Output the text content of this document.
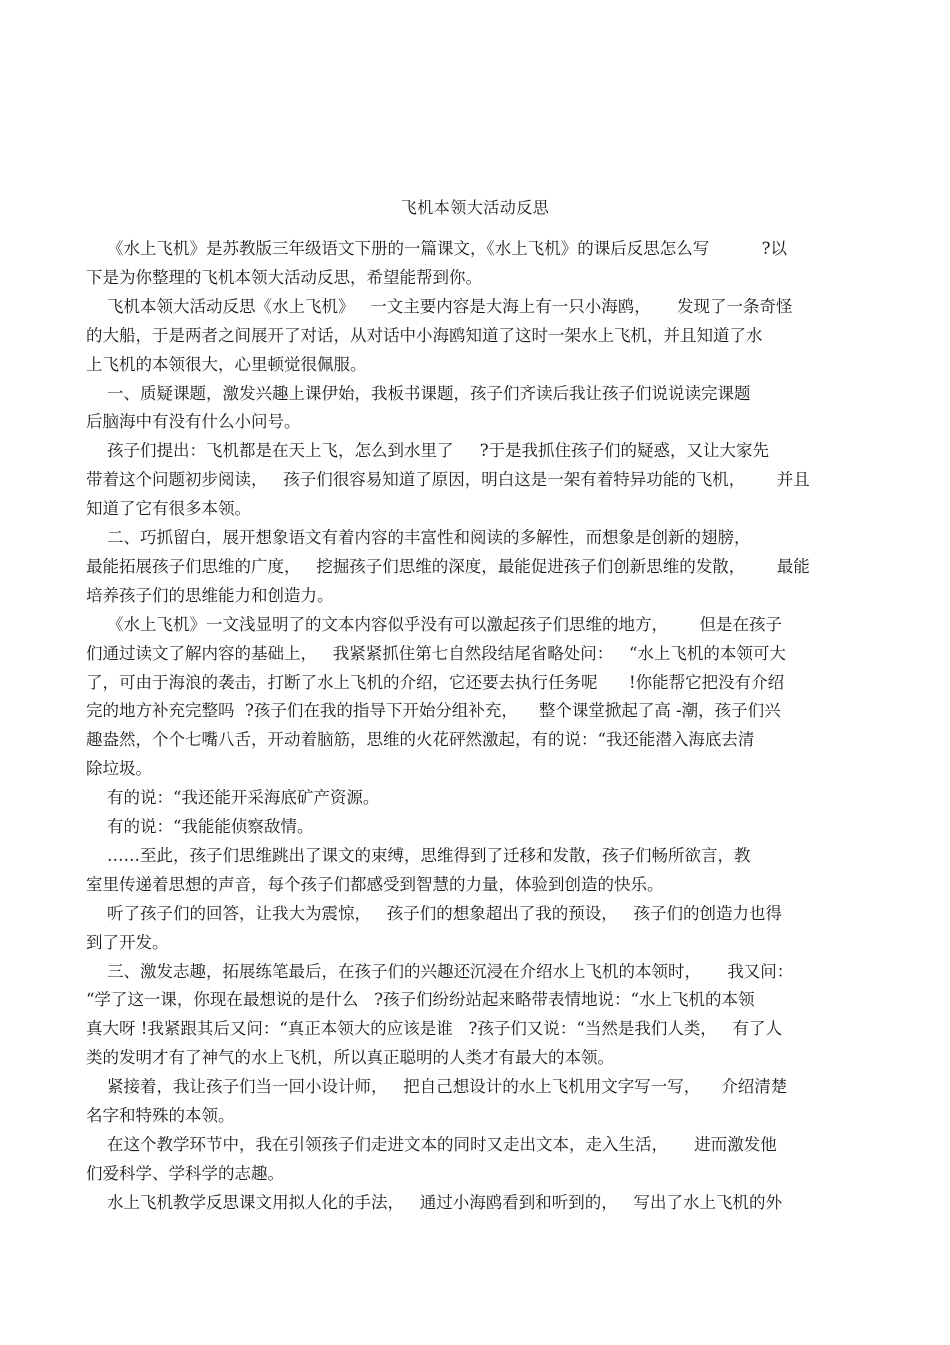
飞机本领大活动反思
《水上飞机》是苏教版三年级语文下册的一篇课文，《水上飞机》的课后反思怎么写          ?以
下是为你整理的飞机本领大活动反思，希望能帮到你。
飞机本领大活动反思《水上飞机》   一文主要内容是大海上有一只小海鸥，     发现了一条奇怪
的大船，于是两者之间展开了对话，从对话中小海鸥知道了这时一架水上飞机，并且知道了水
上飞机的本领很大，心里顿觉很佩服。
一、质疑课题，激发兴趣上课伊始，我板书课题，孩子们齐读后我让孩子们说说读完课题
后脑海中有没有什么小问号。
孩子们提出：飞机都是在天上飞，怎么到水里了     ?于是我抓住孩子们的疑惑，又让大家先
带着这个问题初步阅读，   孩子们很容易知道了原因，明白这是一架有着特异功能的飞机，      并且
知道了它有很多本领。
二、巧抓留白，展开想象语文有着内容的丰富性和阅读的多解性，而想象是创新的翅膀，
最能拓展孩子们思维的广度，   挖掘孩子们思维的深度，最能促进孩子们创新思维的发散，      最能
培养孩子们的思维能力和创造力。
《水上飞机》一文浅显明了的文本内容似乎没有可以激起孩子们思维的地方，      但是在孩子
们通过读文了解内容的基础上，   我紧紧抓住第七自然段结尾省略处问：   “水上飞机的本领可大
了，可由于海浪的袭击，打断了水上飞机的介绍，它还要去执行任务呢      !你能帮它把没有介绍
完的地方补充完整吗  ?孩子们在我的指导下开始分组补充，    整个课堂掀起了高 -潮，孩子们兴
趣盎然，个个七嘴八舌，开动着脑筋，思维的火花砰然激起，有的说：“我还能潜入海底去清
除垃圾。
有的说：“我还能开采海底矿产资源。
有的说：“我能能侦察敌情。
……至此，孩子们思维跳出了课文的束缚，思维得到了迁移和发散，孩子们畅所欲言，教
室里传递着思想的声音，每个孩子们都感受到智慧的力量，体验到创造的快乐。
听了孩子们的回答，让我大为震惊，   孩子们的想象超出了我的预设，   孩子们的创造力也得
到了开发。
三、激发志趣，拓展练笔最后，在孩子们的兴趣还沉浸在介绍水上飞机的本领时，     我又问：
“学了这一课，你现在最想说的是什么   ?孩子们纷纷站起来略带表情地说：“水上飞机的本领
真大呀 !我紧跟其后又问：“真正本领大的应该是谁   ?孩子们又说：“当然是我们人类，   有了人
类的发明才有了神气的水上飞机，所以真正聪明的人类才有最大的本领。
紧接着，我让孩子们当一回小设计师，   把自己想设计的水上飞机用文字写一写，    介绍清楚
名字和特殊的本领。
在这个教学环节中，我在引领孩子们走进文本的同时又走出文本，走入生活，     进而激发他
们爱科学、学科学的志趣。
水上飞机教学反思课文用拟人化的手法，   通过小海鸥看到和听到的，   写出了水上飞机的外
